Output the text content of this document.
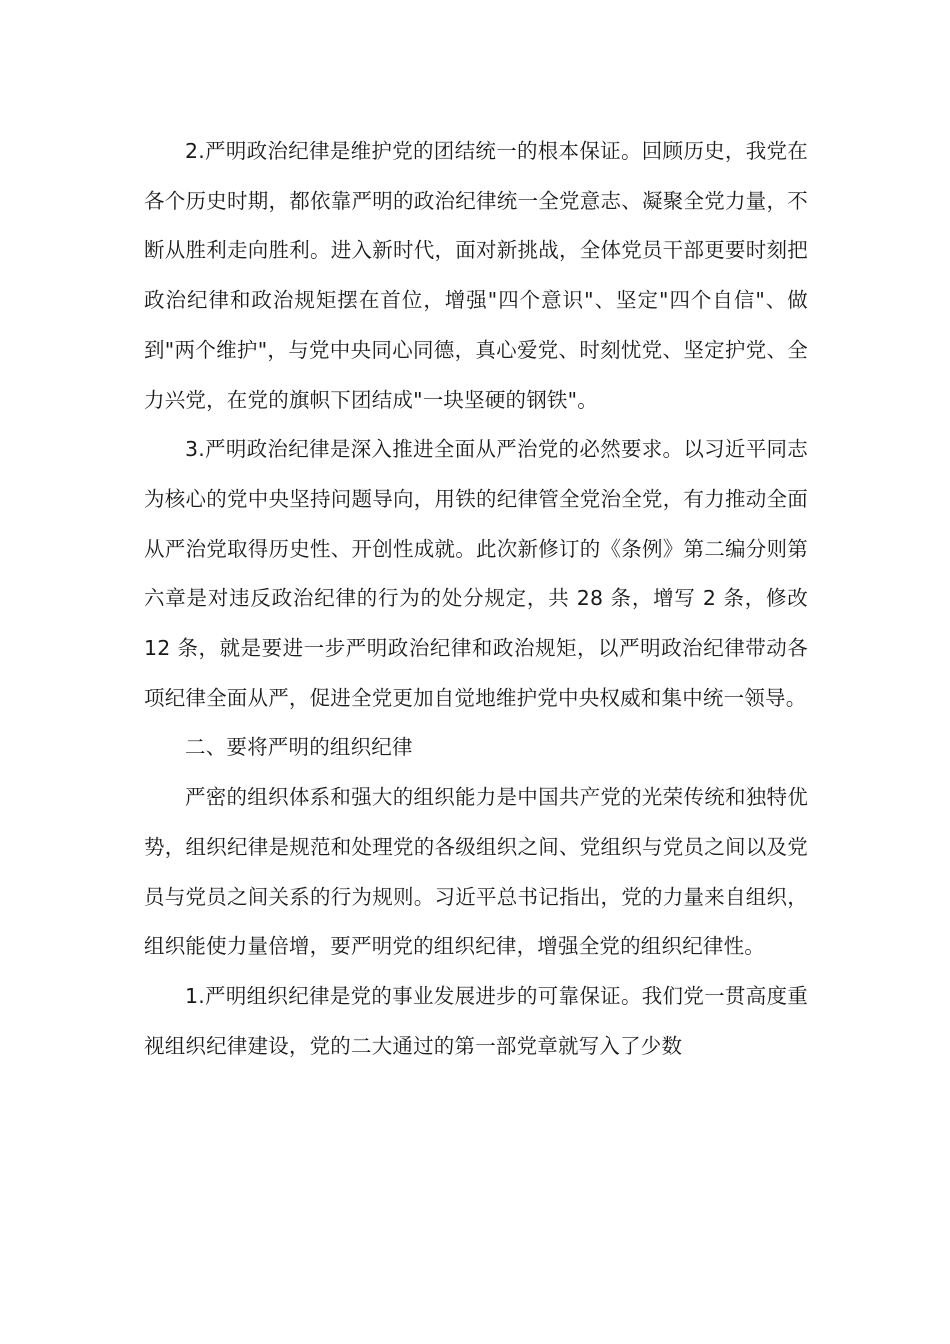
2.严明政治纪律是维护党的团结统一的根本保证。回顾历史，我党在各个历史时期，都依靠严明的政治纪律统一全党意志、凝聚全党力量，不断从胜利走向胜利。进入新时代，面对新挑战，全体党员干部更要时刻把政治纪律和政治规矩摆在首位，增强"四个意识"、坚定"四个自信"、做到"两个维护"，与党中央同心同德，真心爱党、时刻忧党、坚定护党、全力兴党，在党的旗帜下团结成"一块坚硬的钢铁"。

3.严明政治纪律是深入推进全面从严治党的必然要求。以习近平同志为核心的党中央坚持问题导向，用铁的纪律管全党治全党，有力推动全面从严治党取得历史性、开创性成就。此次新修订的《条例》第二编分则第六章是对违反政治纪律的行为的处分规定，共 28 条，增写 2 条，修改 12 条，就是要进一步严明政治纪律和政治规矩，以严明政治纪律带动各项纪律全面从严，促进全党更加自觉地维护党中央权威和集中统一领导。

二、要将严明的组织纪律

严密的组织体系和强大的组织能力是中国共产党的光荣传统和独特优势，组织纪律是规范和处理党的各级组织之间、党组织与党员之间以及党员与党员之间关系的行为规则。习近平总书记指出，党的力量来自组织，组织能使力量倍增，要严明党的组织纪律，增强全党的组织纪律性。

1.严明组织纪律是党的事业发展进步的可靠保证。我们党一贯高度重视组织纪律建设，党的二大通过的第一部党章就写入了少数
